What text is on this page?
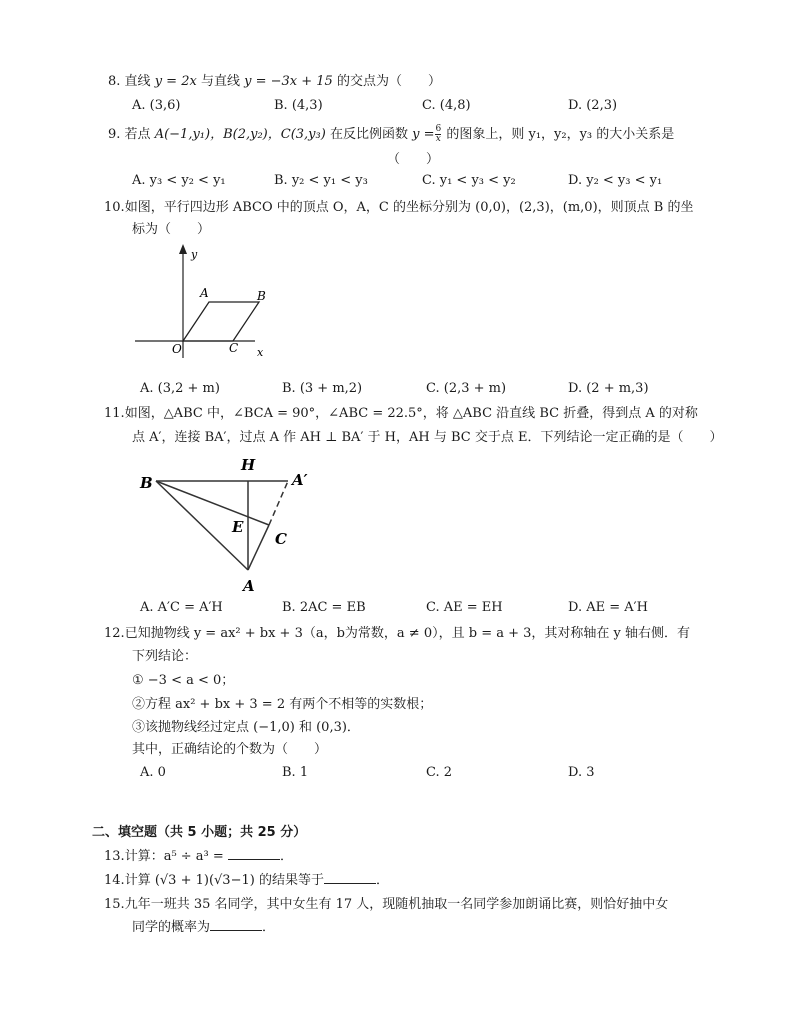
8. 直线 y = 2x 与直线 y = −3x + 15 的交点为（　　）
A. (3,6)	B. (4,3)	C. (4,8)	D. (2,3)
9. 若点 A(−1,y₁)，B(2,y₂)，C(3,y₃) 在反比例函数 $y = \frac{6}{x}$ 的图象上，则 y₁，y₂，y₃ 的大小关系是
（　　）
A. y₃ < y₂ < y₁	B. y₂ < y₁ < y₃	C. y₁ < y₃ < y₂	D. y₂ < y₃ < y₁
10.如图，平行四边形 ABCO 中的顶点 O，A，C 的坐标分别为 (0,0)，(2,3)，(m,0)，则顶点 B 的坐
标为（　　）
y
x
A	B
O	C
A. (3,2 + m)	B. (3 + m,2)	C. (2,3 + m)	D. (2 + m,3)
11.如图，△ABC 中，∠BCA = 90°，∠ABC = 22.5°，将 △ABC 沿直线 BC 折叠，得到点 A 的对称
点 A′，连接 BA′，过点 A 作 AH ⊥ BA′ 于 H，AH 与 BC 交于点 E．下列结论一定正确的是（　　）
B
H
A′
E
C
A
A. A′C = A′H	B. 2AC = EB	C. AE = EH	D. AE = A′H
12.已知抛物线 y = ax² + bx + 3（a，b为常数，a ≠ 0），且 b = a + 3，其对称轴在 y 轴右侧．有
下列结论：
① −3 < a < 0；
②方程 ax² + bx + 3 = 2 有两个不相等的实数根；
③该抛物线经过定点 (−1,0) 和 (0,3)．
其中，正确结论的个数为（　　）
A. 0	B. 1	C. 2	D. 3
二、填空题（共 5 小题；共 25 分）
13.计算：a⁵ ÷ a³ =	．
14.计算 (√3 + 1)(√3−1) 的结果等于	．
15.九年一班共 35 名同学，其中女生有 17 人，现随机抽取一名同学参加朗诵比赛，则恰好抽中女
同学的概率为	．
